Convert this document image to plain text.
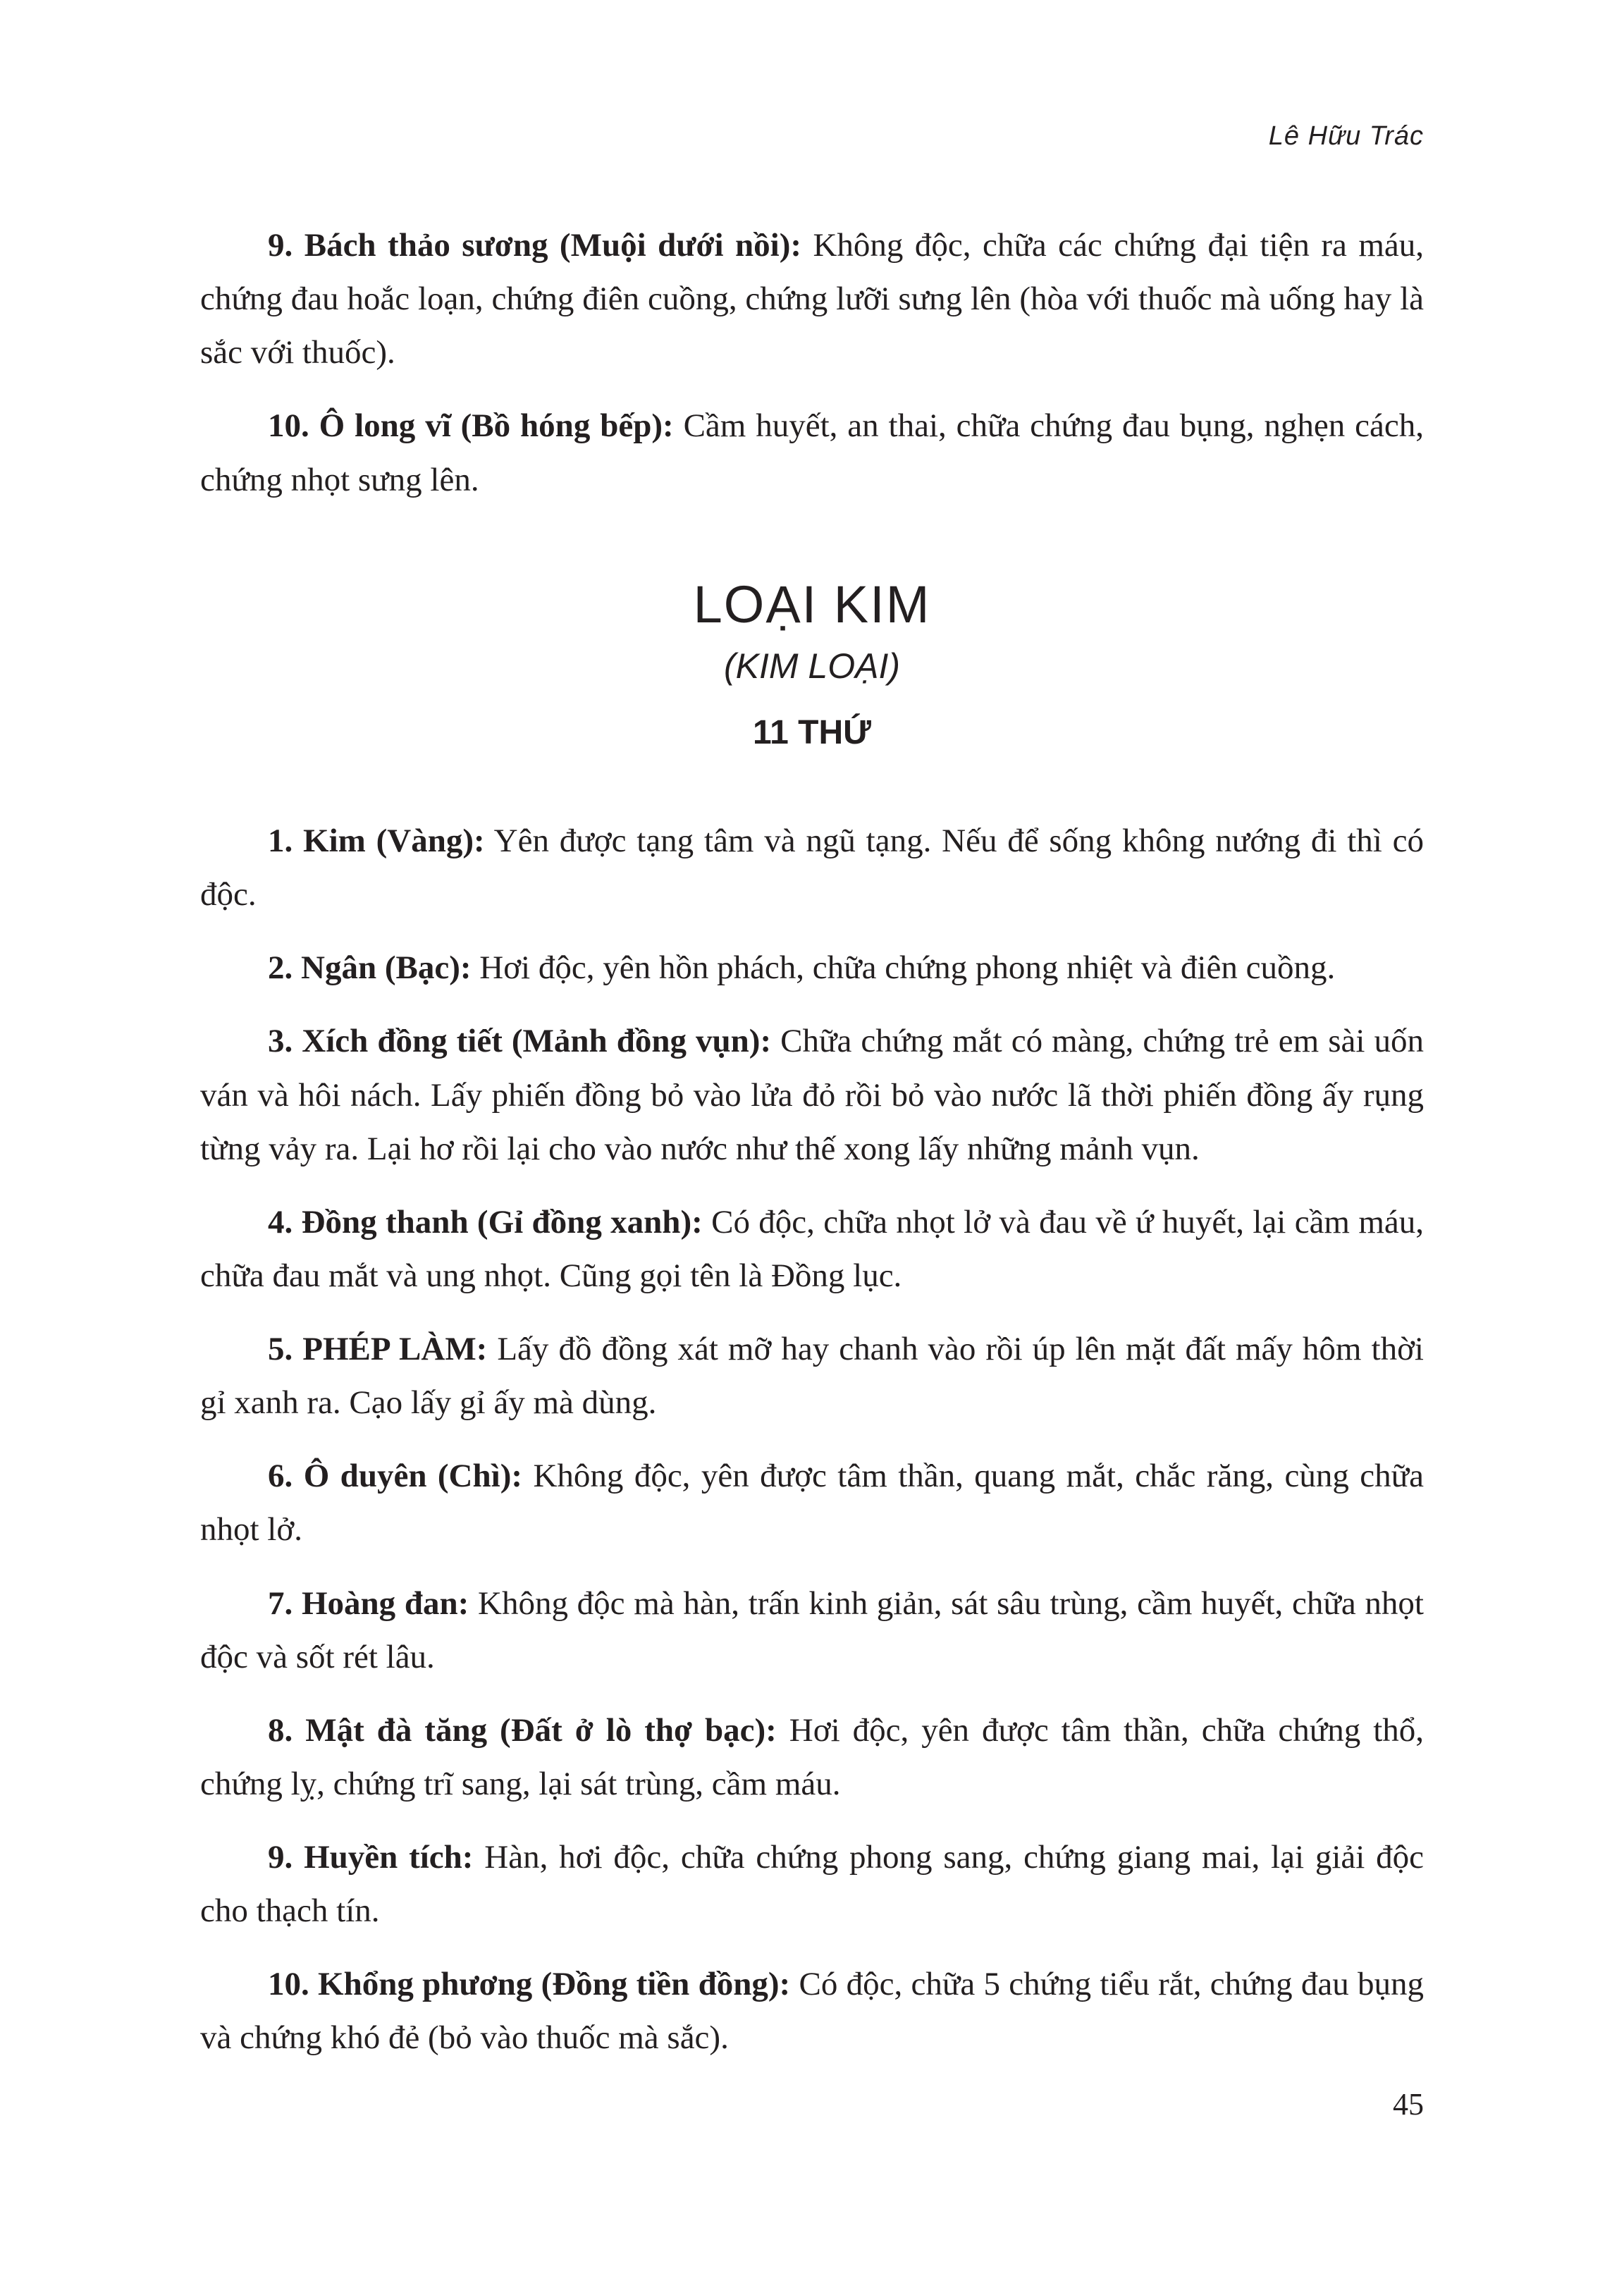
Lê Hữu Trác

9. Bách thảo sương (Muội dưới nồi): Không độc, chữa các chứng đại tiện ra máu, chứng đau hoắc loạn, chứng điên cuồng, chứng lưỡi sưng lên (hòa với thuốc mà uống hay là sắc với thuốc).

10. Ô long vĩ (Bồ hóng bếp): Cầm huyết, an thai, chữa chứng đau bụng, nghẹn cách, chứng nhọt sưng lên.

LOẠI KIM
(KIM LOẠI)
11 THỨ

1. Kim (Vàng): Yên được tạng tâm và ngũ tạng. Nếu để sống không nướng đi thì có độc.

2. Ngân (Bạc): Hơi độc, yên hồn phách, chữa chứng phong nhiệt và điên cuồng.

3. Xích đồng tiết (Mảnh đồng vụn): Chữa chứng mắt có màng, chứng trẻ em sài uốn ván và hôi nách. Lấy phiến đồng bỏ vào lửa đỏ rồi bỏ vào nước lã thời phiến đồng ấy rụng từng vảy ra. Lại hơ rồi lại cho vào nước như thế xong lấy những mảnh vụn.

4. Đồng thanh (Gỉ đồng xanh): Có độc, chữa nhọt lở và đau về ứ huyết, lại cầm máu, chữa đau mắt và ung nhọt. Cũng gọi tên là Đồng lục.

5. PHÉP LÀM: Lấy đồ đồng xát mỡ hay chanh vào rồi úp lên mặt đất mấy hôm thời gỉ xanh ra. Cạo lấy gỉ ấy mà dùng.

6. Ô duyên (Chì): Không độc, yên được tâm thần, quang mắt, chắc răng, cùng chữa nhọt lở.

7. Hoàng đan: Không độc mà hàn, trấn kinh giản, sát sâu trùng, cầm huyết, chữa nhọt độc và sốt rét lâu.

8. Mật đà tăng (Đất ở lò thợ bạc): Hơi độc, yên được tâm thần, chữa chứng thổ, chứng lỵ, chứng trĩ sang, lại sát trùng, cầm máu.

9. Huyền tích: Hàn, hơi độc, chữa chứng phong sang, chứng giang mai, lại giải độc cho thạch tín.

10. Khổng phương (Đồng tiền đồng): Có độc, chữa 5 chứng tiểu rắt, chứng đau bụng và chứng khó đẻ (bỏ vào thuốc mà sắc).

45
